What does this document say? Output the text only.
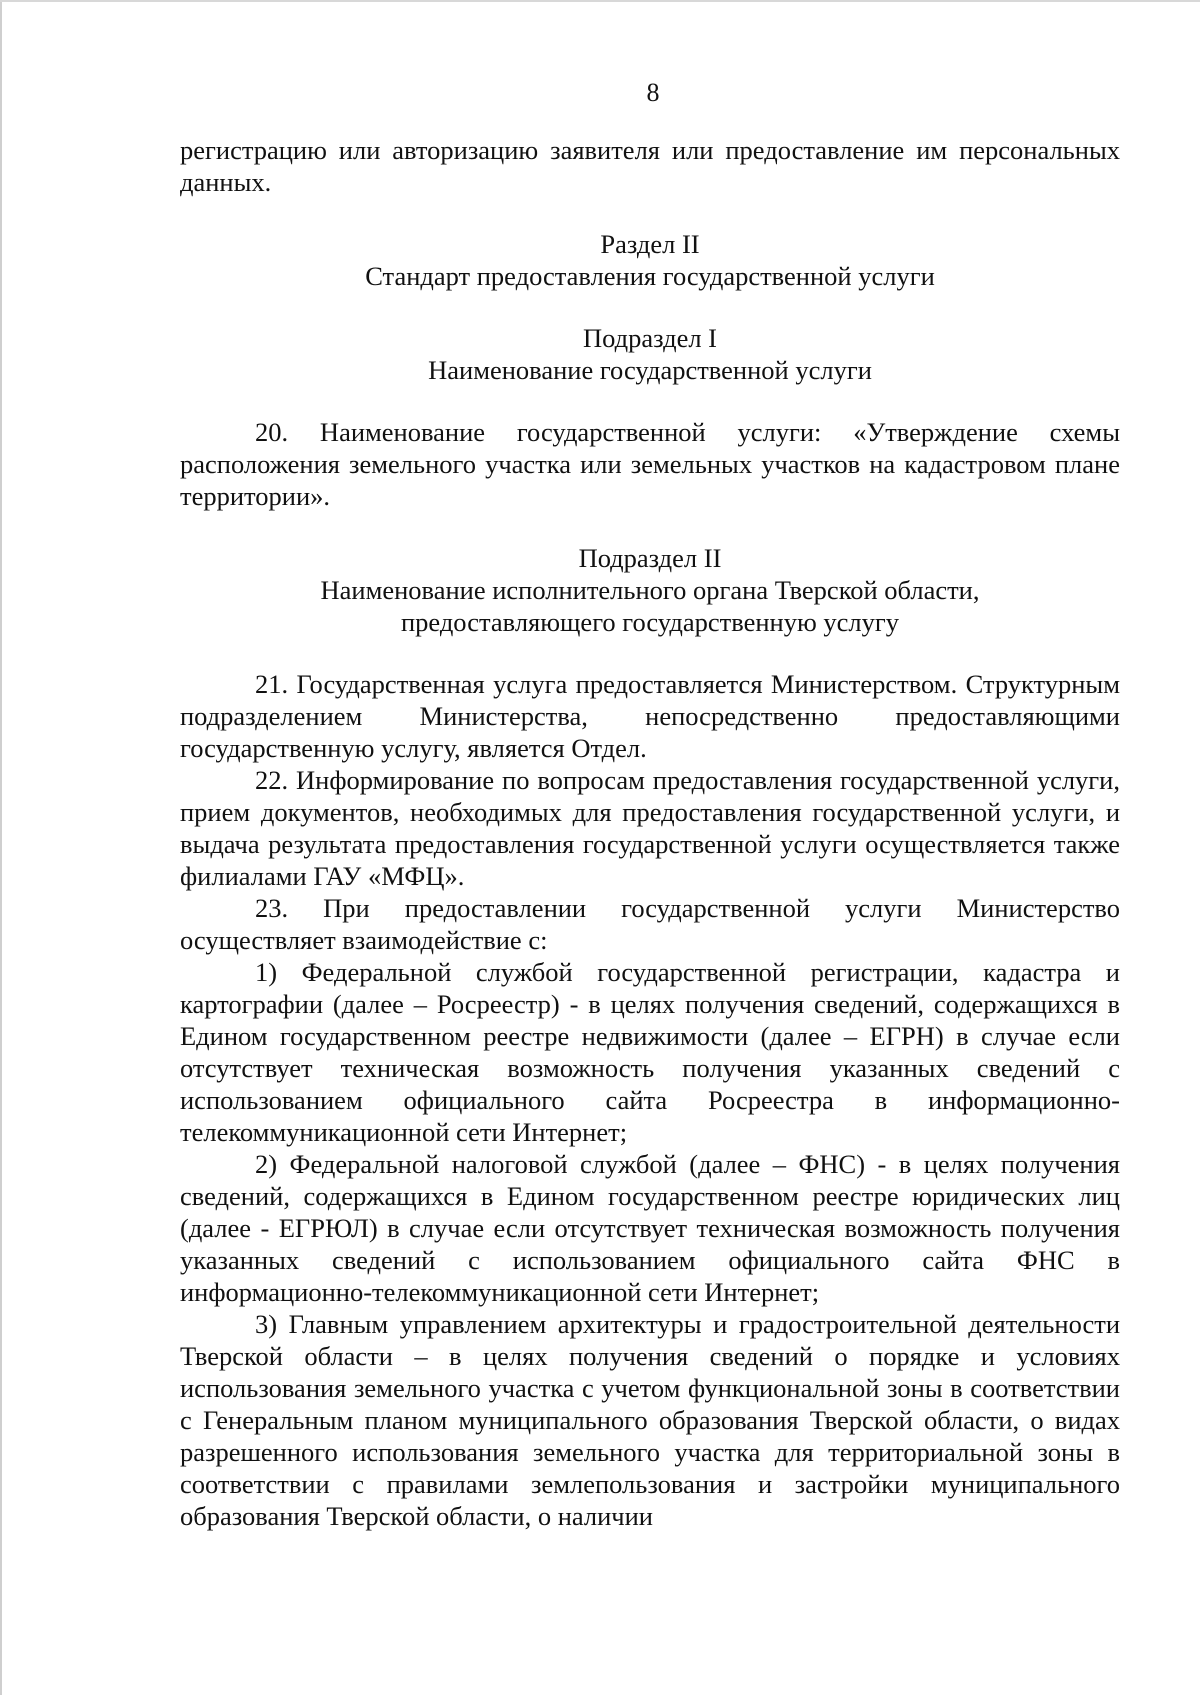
8

регистрацию или авторизацию заявителя или предоставление им персональных данных.

Раздел II

Стандарт предоставления государственной услуги

Подраздел I

Наименование государственной услуги

20. Наименование государственной услуги: «Утверждение схемы расположения земельного участка или земельных участков на кадастровом плане территории».

Подраздел II

Наименование исполнительного органа Тверской области,

предоставляющего государственную услугу

21. Государственная услуга предоставляется Министерством. Структурным подразделением Министерства, непосредственно предоставляющими государственную услугу, является Отдел.

22. Информирование по вопросам предоставления государственной услуги, прием документов, необходимых для предоставления государственной услуги, и выдача результата предоставления государственной услуги осуществляется также филиалами ГАУ «МФЦ».

23. При предоставлении государственной услуги Министерство осуществляет взаимодействие с:

1) Федеральной службой государственной регистрации, кадастра и картографии (далее – Росреестр) - в целях получения сведений, содержащихся в Едином государственном реестре недвижимости (далее – ЕГРН) в случае если отсутствует техническая возможность получения указанных сведений с использованием официального сайта Росреестра в информационно-телекоммуникационной сети Интернет;

2) Федеральной налоговой службой (далее – ФНС) - в целях получения сведений, содержащихся в Едином государственном реестре юридических лиц (далее - ЕГРЮЛ) в случае если отсутствует техническая возможность получения указанных сведений с использованием официального сайта ФНС в информационно-телекоммуникационной сети Интернет;

3) Главным управлением архитектуры и градостроительной деятельности Тверской области – в целях получения сведений о порядке и условиях использования земельного участка с учетом функциональной зоны в соответствии с Генеральным планом муниципального образования Тверской области, о видах разрешенного использования земельного участка для территориальной зоны в соответствии с правилами землепользования и застройки муниципального образования Тверской области, о наличии
